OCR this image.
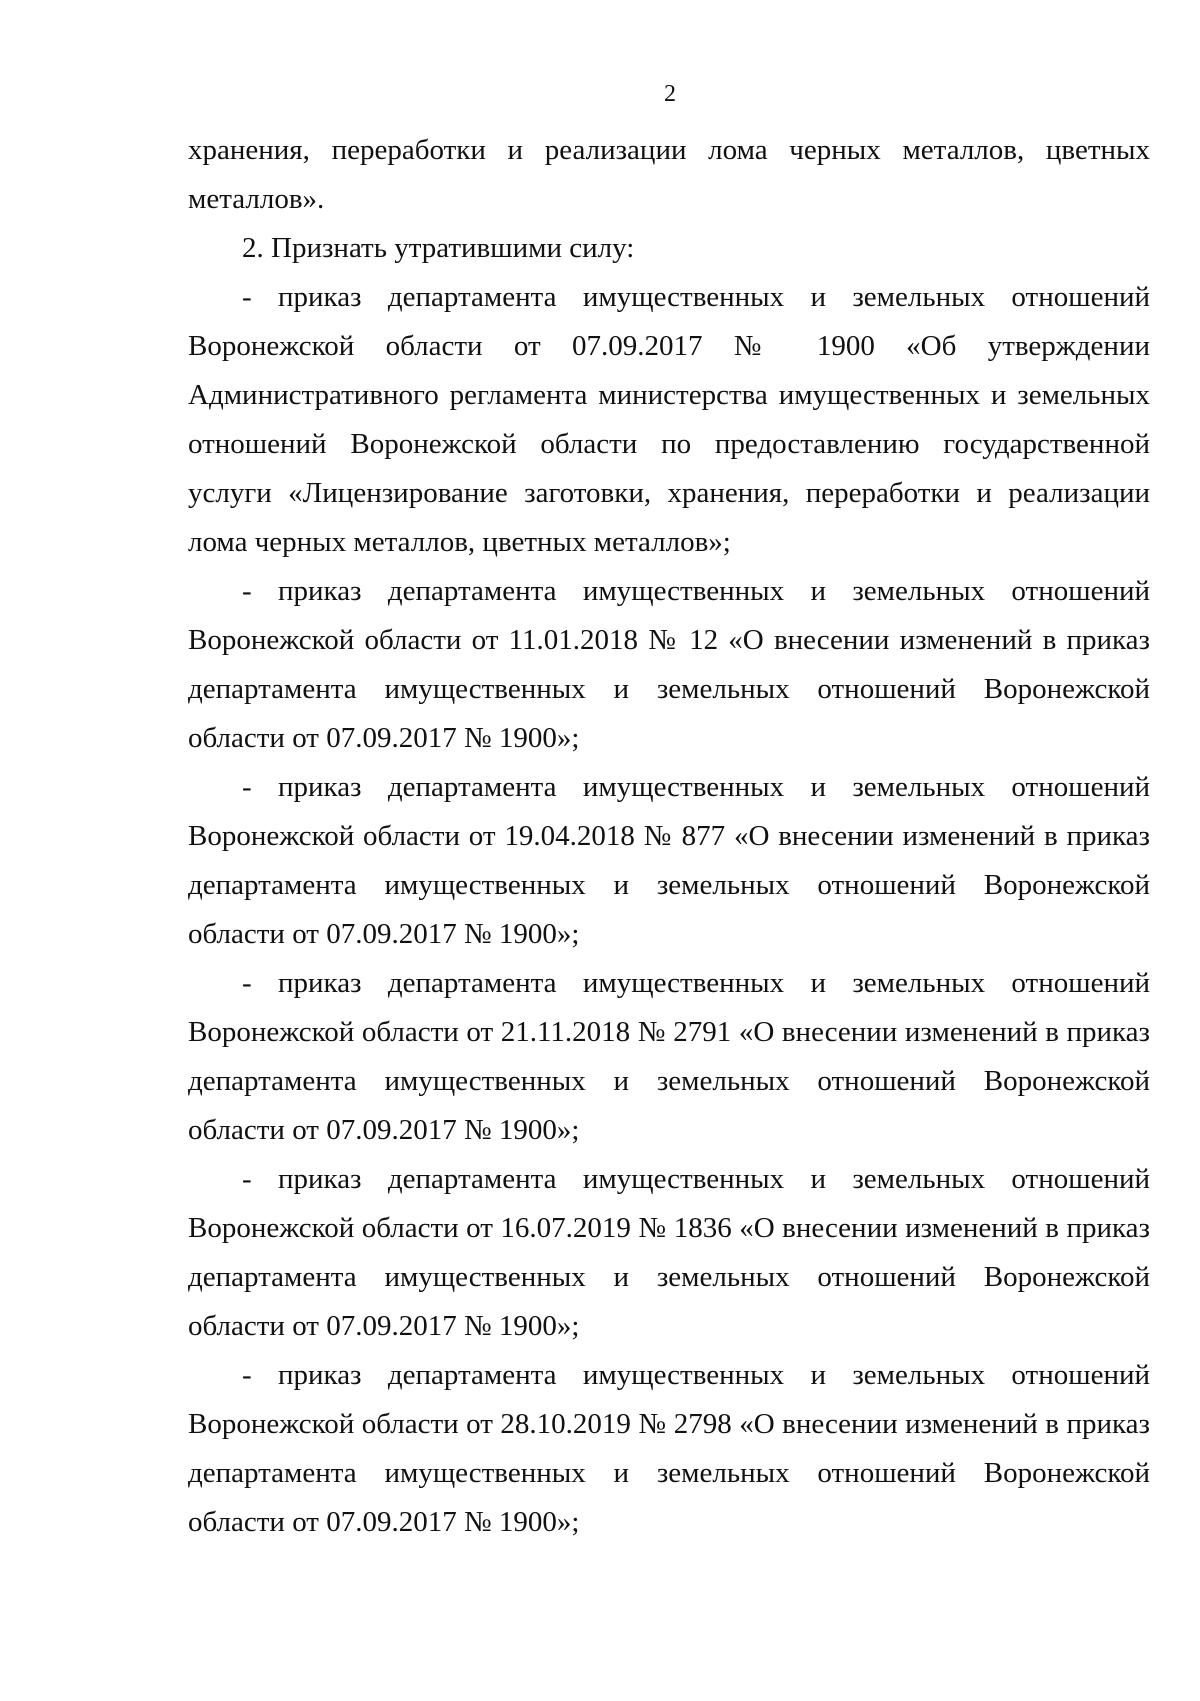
2

хранения, переработки и реализации лома черных металлов, цветных металлов».

2. Признать утратившими силу:

- приказ департамента имущественных и земельных отношений Воронежской области от 07.09.2017 № 1900 «Об утверждении Административного регламента министерства имущественных и земельных отношений Воронежской области по предоставлению государственной услуги «Лицензирование заготовки, хранения, переработки и реализации лома черных металлов, цветных металлов»;

- приказ департамента имущественных и земельных отношений Воронежской области от 11.01.2018 № 12 «О внесении изменений в приказ департамента имущественных и земельных отношений Воронежской области от 07.09.2017 № 1900»;

- приказ департамента имущественных и земельных отношений Воронежской области от 19.04.2018 № 877 «О внесении изменений в приказ департамента имущественных и земельных отношений Воронежской области от 07.09.2017 № 1900»;

- приказ департамента имущественных и земельных отношений Воронежской области от 21.11.2018 № 2791 «О внесении изменений в приказ департамента имущественных и земельных отношений Воронежской области от 07.09.2017 № 1900»;

- приказ департамента имущественных и земельных отношений Воронежской области от 16.07.2019 № 1836 «О внесении изменений в приказ департамента имущественных и земельных отношений Воронежской области от 07.09.2017 № 1900»;

- приказ департамента имущественных и земельных отношений Воронежской области от 28.10.2019 № 2798 «О внесении изменений в приказ департамента имущественных и земельных отношений Воронежской области от 07.09.2017 № 1900»;
